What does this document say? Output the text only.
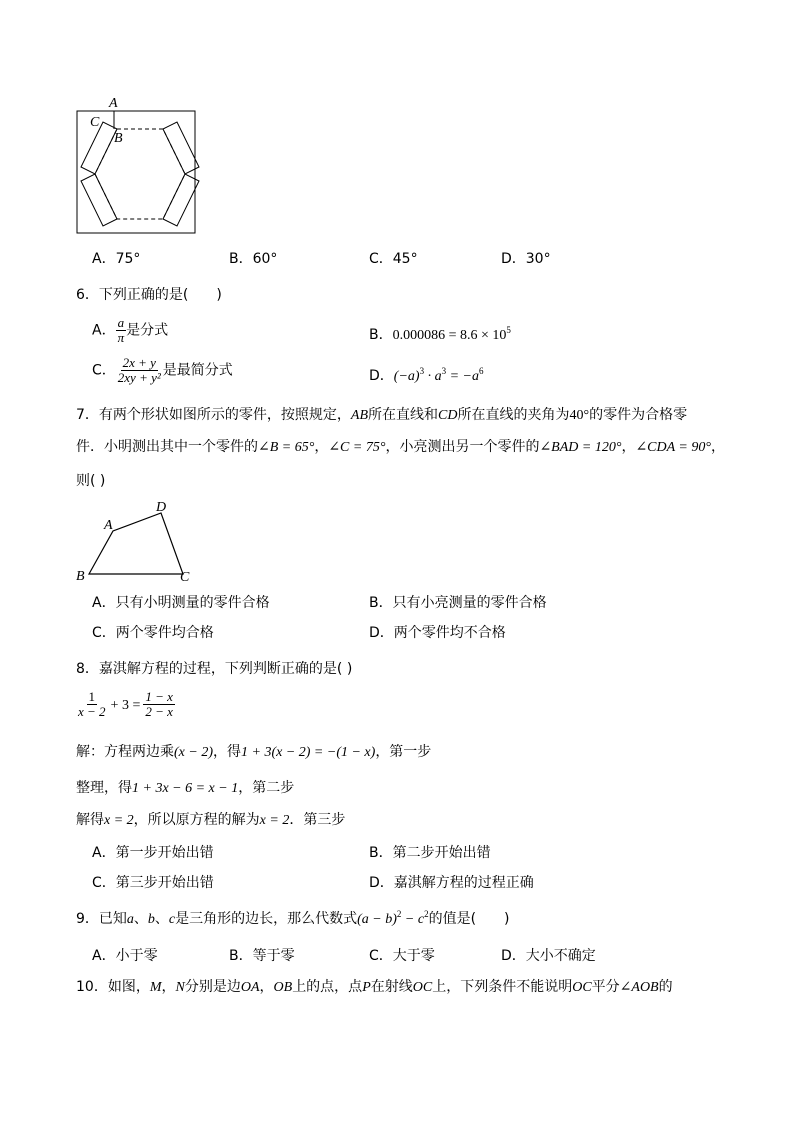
A
C
B
A．75°	B．60°	C．45°	D．30°
6．下列正确的是(　　)
A． $\frac{a}{\pi}$ 是分式	B．$0.000086 = 8.6 \times 10^5$
C． $\frac{2x + y}{\text{2xy + y²}}$ 是最简分式	D．$(-a)^3 \cdot a^3 = -a^6$
7．有两个形状如图所示的零件，按照规定，AB所在直线和CD所在直线的夹角为40°的零件为合格零
件．小明测出其中一个零件的∠B = 65°，∠C = 75°，小亮测出另一个零件的∠BAD = 120°，∠CDA = 90°，
则( )
A
B	C
D
A．只有小明测量的零件合格	B．只有小亮测量的零件合格
C．两个零件均合格	D．两个零件均不合格
8．嘉淇解方程的过程，下列判断正确的是( )
$\frac{1}{x - 2} + 3 = \frac{1 - x}{2 - x}$
解：方程两边乘(x − 2)，得1 + 3(x − 2) = −(1 − x)，第一步
整理，得1 + 3x − 6 = x − 1，第二步
解得x = 2，所以原方程的解为x = 2．第三步
A．第一步开始出错	B．第二步开始出错
C．第三步开始出错	D．嘉淇解方程的过程正确
9．已知a、b、c是三角形的边长，那么代数式$(a - b)^2 - c^2$的值是(　　)
A．小于零	B．等于零	C．大于零	D．大小不确定
10．如图，M，N分别是边OA，OB上的点，点P在射线OC上，下列条件不能说明OC平分∠AOB的
